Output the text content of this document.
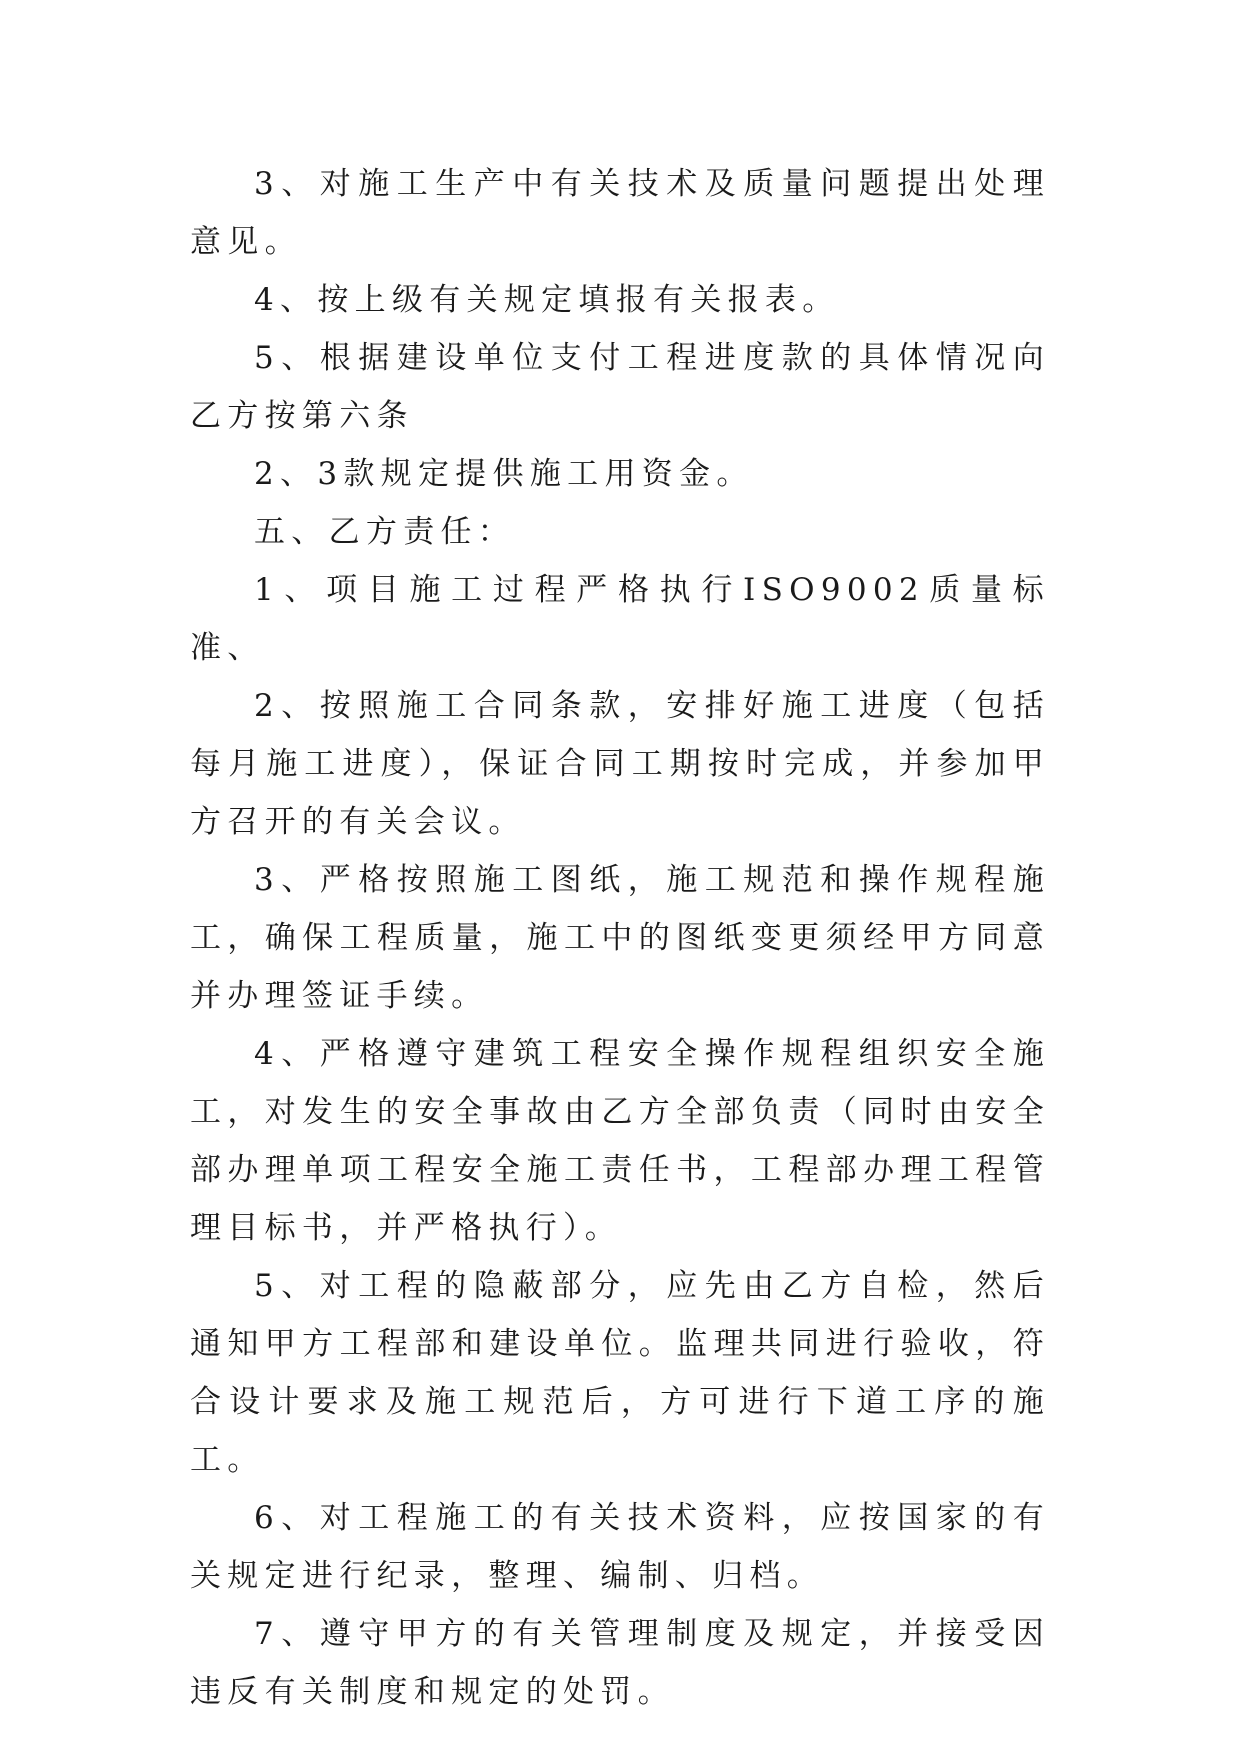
3、对施工生产中有关技术及质量问题提出处理意见。

4、按上级有关规定填报有关报表。

5、根据建设单位支付工程进度款的具体情况向乙方按第六条

2、3款规定提供施工用资金。

五、乙方责任：

1、项目施工过程严格执行ISO9002质量标准、

2、按照施工合同条款，安排好施工进度（包括每月施工进度），保证合同工期按时完成，并参加甲方召开的有关会议。

3、严格按照施工图纸，施工规范和操作规程施工，确保工程质量，施工中的图纸变更须经甲方同意并办理签证手续。

4、严格遵守建筑工程安全操作规程组织安全施工，对发生的安全事故由乙方全部负责（同时由安全部办理单项工程安全施工责任书，工程部办理工程管理目标书，并严格执行）。

5、对工程的隐蔽部分，应先由乙方自检，然后通知甲方工程部和建设单位。监理共同进行验收，符合设计要求及施工规范后，方可进行下道工序的施工。

6、对工程施工的有关技术资料，应按国家的有关规定进行纪录，整理、编制、归档。

7、遵守甲方的有关管理制度及规定，并接受因违反有关制度和规定的处罚。
